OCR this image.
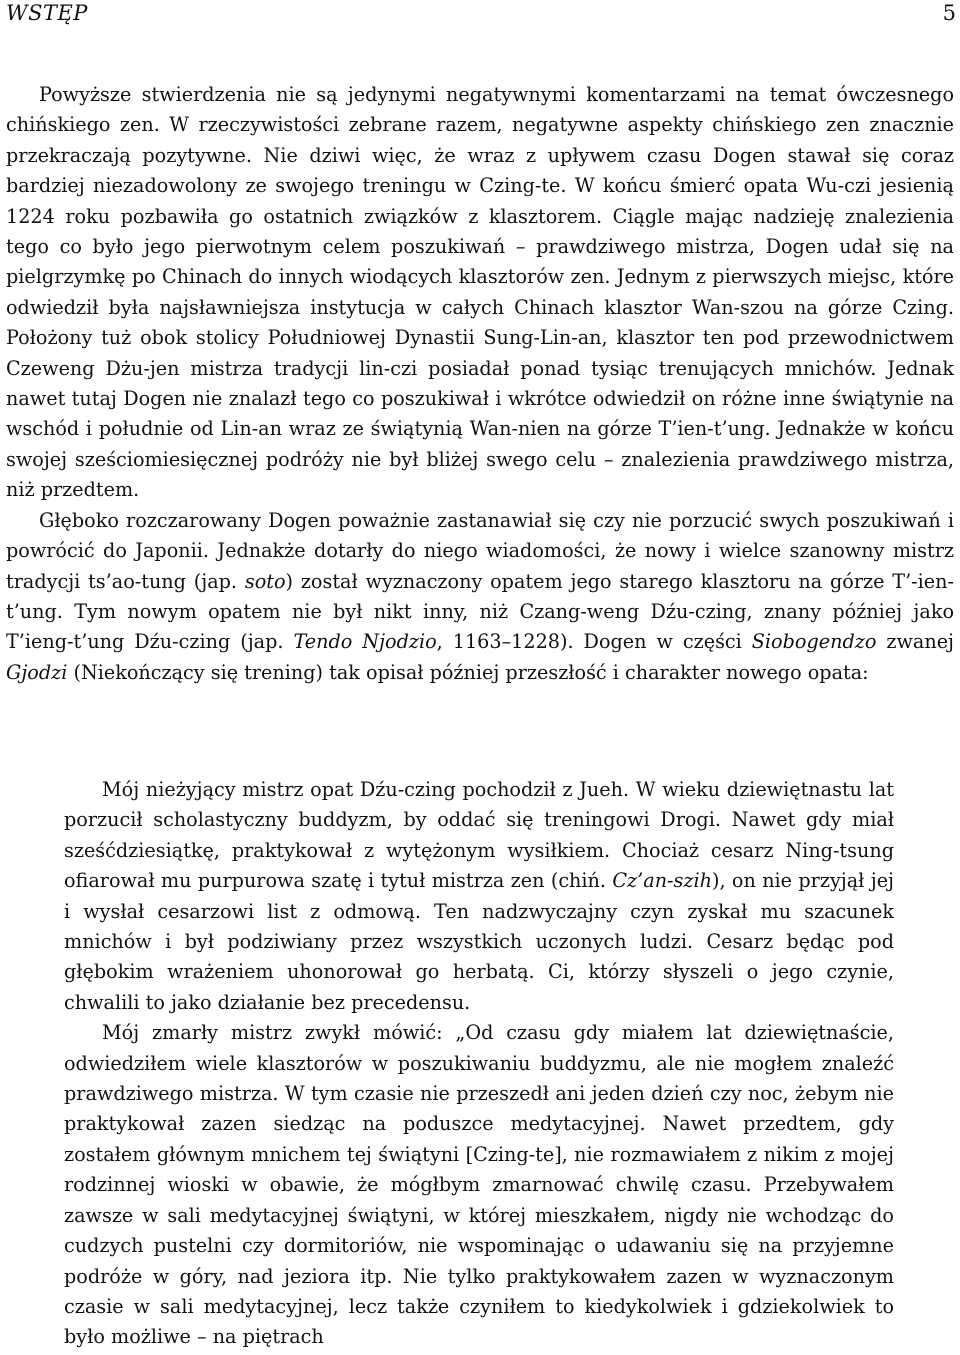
WSTĘP	5

Powyższe stwierdzenia nie są jedynymi negatywnymi komentarzami na temat ówczesnego chińskiego zen. W rzeczywistości zebrane razem, negatywne aspekty chińskiego zen znacznie przekraczają pozytywne. Nie dziwi więc, że wraz z upływem czasu Dogen stawał się coraz bardziej niezadowolony ze swojego treningu w Czing-te. W końcu śmierć opata Wu-czi jesienią 1224 roku pozbawiła go ostatnich związków z klasztorem. Ciągle mając nadzieję znalezienia tego co było jego pierwotnym celem poszukiwań – prawdziwego mistrza, Dogen udał się na pielgrzymkę po Chinach do innych wiodących klasztorów zen. Jednym z pierwszych miejsc, które odwiedził była najsławniejsza instytucja w całych Chinach klasztor Wan-szou na górze Czing. Położony tuż obok stolicy Południowej Dynastii Sung-Lin-an, klasztor ten pod przewodnictwem Czeweng Dżu-jen mistrza tradycji lin-czi posiadał ponad tysiąc trenujących mnichów. Jednak nawet tutaj Dogen nie znalazł tego co poszukiwał i wkrótce odwiedził on różne inne świątynie na wschód i południe od Lin-an wraz ze świątynią Wan-nien na górze T’ien-t’ung. Jednakże w końcu swojej sześciomiesięcznej podróży nie był bliżej swego celu – znalezienia prawdziwego mistrza, niż przedtem.

Głęboko rozczarowany Dogen poważnie zastanawiał się czy nie porzucić swych poszukiwań i powrócić do Japonii. Jednakże dotarły do niego wiadomości, że nowy i wielce szanowny mistrz tradycji ts’ao-tung (jap. soto) został wyznaczony opatem jego starego klasztoru na górze T’-ien-t’ung. Tym nowym opatem nie był nikt inny, niż Czang-weng Dźu-czing, znany później jako T’ieng-t’ung Dźu-czing (jap. Tendo Njodzio, 1163–1228). Dogen w części Siobogendzo zwanej Gjodzi (Niekończący się trening) tak opisał później przeszłość i charakter nowego opata:

Mój nieżyjący mistrz opat Dźu-czing pochodził z Jueh. W wieku dziewiętnastu lat porzucił scholastyczny buddyzm, by oddać się treningowi Drogi. Nawet gdy miał sześćdziesiątkę, praktykował z wytężonym wysiłkiem. Chociaż cesarz Ning-tsung ofiarował mu purpurowa szatę i tytuł mistrza zen (chiń. Cz’an-szih), on nie przyjął jej i wysłał cesarzowi list z odmową. Ten nadzwyczajny czyn zyskał mu szacunek mnichów i był podziwiany przez wszystkich uczonych ludzi. Cesarz będąc pod głębokim wrażeniem uhonorował go herbatą. Ci, którzy słyszeli o jego czynie, chwalili to jako działanie bez precedensu.

Mój zmarły mistrz zwykł mówić: „Od czasu gdy miałem lat dziewiętnaście, odwiedziłem wiele klasztorów w poszukiwaniu buddyzmu, ale nie mogłem znaleźć prawdziwego mistrza. W tym czasie nie przeszedł ani jeden dzień czy noc, żebym nie praktykował zazen siedząc na poduszce medytacyjnej. Nawet przedtem, gdy zostałem głównym mnichem tej świątyni [Czing-te], nie rozmawiałem z nikim z mojej rodzinnej wioski w obawie, że mógłbym zmarnować chwilę czasu. Przebywałem zawsze w sali medytacyjnej świątyni, w której mieszkałem, nigdy nie wchodząc do cudzych pustelni czy dormitoriów, nie wspominając o udawaniu się na przyjemne podróże w góry, nad jeziora itp. Nie tylko praktykowałem zazen w wyznaczonym czasie w sali medytacyjnej, lecz także czyniłem to kiedykolwiek i gdziekolwiek to było możliwe – na piętrach
